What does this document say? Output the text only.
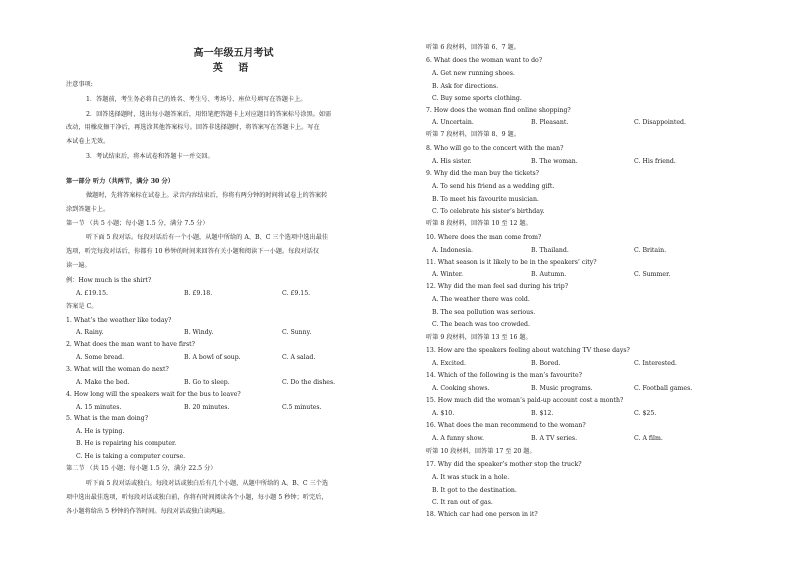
高一年级五月考试
英 语
注意事项:
1．答题前，考生务必将自己的姓名、考生号、考场号、座位号填写在答题卡上。
2．回答选择题时，选出每小题答案后，用铅笔把答题卡上对应题目的答案标号涂黑。如需
改动，用橡皮擦干净后，再选涂其他答案标号。回答非选择题时，将答案写在答题卡上。写在
本试卷上无效。
3．考试结束后，将本试卷和答题卡一并交回。
第一部分 听力（共两节，满分 30 分）
做题时，先将答案标在试卷上。录音内容结束后，你将有两分钟的时间将试卷上的答案转
涂到答题卡上。
第一节 （共 5 小题；每小题 1.5 分，满分 7.5 分）
听下面 5 段对话。每段对话后有一个小题，从题中所给的 A、B、C 三个选项中选出最佳
选项，听完每段对话后，你都有 10 秒钟的时间来回答有关小题和阅读下一小题。每段对话仅
读一遍。
例：How much is the shirt?
A. £19.15.	B. £9.18.	C. £9.15.
答案是 C。
1. What’s the weather like today?
A. Rainy.	B. Windy.	C. Sunny.
2. What does the man want to have first?
A. Some bread.	B. A bowl of soup.	C. A salad.
3. What will the woman do next?
A. Make the bed.	B. Go to sleep.	C. Do the dishes.
4. How long will the speakers wait for the bus to leave?
A. 15 minutes.	B. 20 minutes.	C.5 minutes.
5. What is the man doing?
A. He is typing.
B. He is repairing his computer.
C. He is taking a computer course.
第二节 （共 15 小题；每小题 1.5 分，满分 22.5 分）
听下面 5 段对话或独白。每段对话或独白后有几个小题，从题中所给的 A、B、C 三个选
项中选出最佳选项，听每段对话或独白前，你将有时间阅读各个小题，每小题 5 秒钟；听完后，
各小题将给出 5 秒钟的作答时间。每段对话或独白读两遍。
听第 6 段材料，回答第 6、7 题。
6. What does the woman want to do?
A. Get new running shoes.
B. Ask for directions.
C. Buy some sports clothing.
7. How does the woman find online shopping?
A. Uncertain.	B. Pleasant.	C. Disappointed.
听第 7 段材料，回答第 8、9 题。
8. Who will go to the concert with the man?
A. His sister.	B. The woman.	C. His friend.
9. Why did the man buy the tickets?
A. To send his friend as a wedding gift.
B. To meet his favourite musician.
C. To celebrate his sister’s birthday.
听第 8 段材料，回答第 10 至 12 题。
10. Where does the man come from?
A. Indonesia.	B. Thailand.	C. Britain.
11. What season is it likely to be in the speakers’ city?
A. Winter.	B. Autumn.	C. Summer.
12. Why did the man feel sad during his trip?
A. The weather there was cold.
B. The sea pollution was serious.
C. The beach was too crowded.
听第 9 段材料，回答第 13 至 16 题。
13. How are the speakers feeling about watching TV these days?
A. Excited.	B. Bored.	C. Interested.
14. Which of the following is the man’s favourite?
A. Cooking shows.	B. Music programs.	C. Football games.
15. How much did the woman’s paid-up account cost a month?
A. $10.	B. $12.	C. $25.
16. What does the man recommend to the woman?
A. A funny show.	B. A TV series.	C. A film.
听第 10 段材料，回答第 17 至 20 题。
17. Why did the speaker’s mother stop the truck?
A. It was stuck in a hole.
B. It got to the destination.
C. It ran out of gas.
18. Which car had one person in it?
